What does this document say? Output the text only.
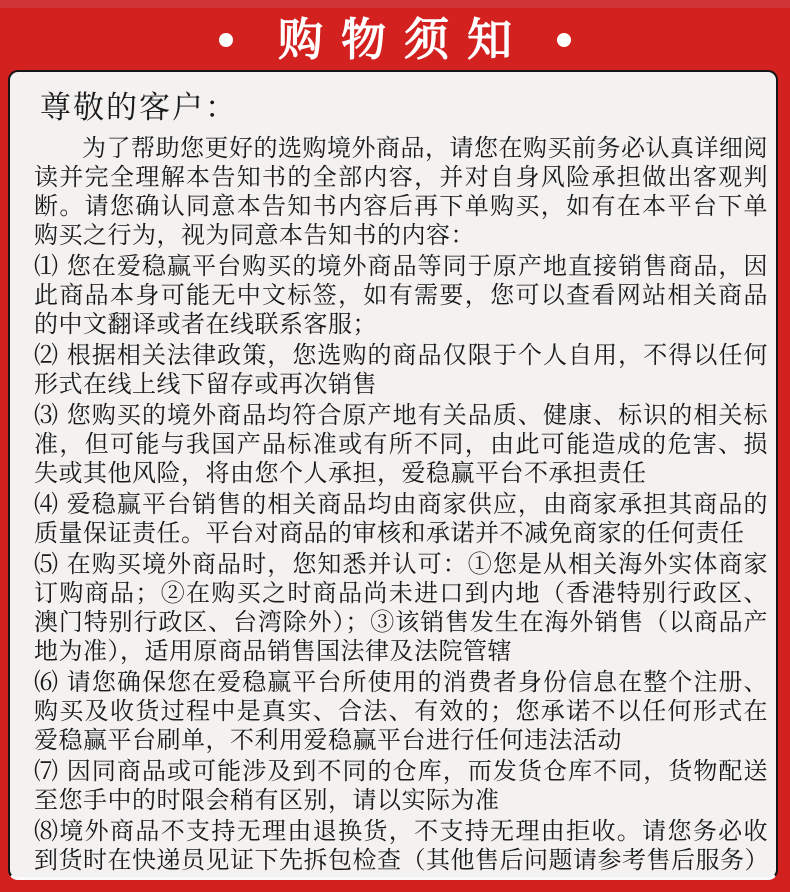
购物须知
尊敬的客户：

为了帮助您更好的选购境外商品，请您在购买前务必认真详细阅读并完全理解本告知书的全部内容，并对自身风险承担做出客观判断。请您确认同意本告知书内容后再下单购买，如有在本平台下单购买之行为，视为同意本告知书的内容：

⑴ 您在爱稳赢平台购买的境外商品等同于原产地直接销售商品，因此商品本身可能无中文标签，如有需要，您可以查看网站相关商品的中文翻译或者在线联系客服；

⑵ 根据相关法律政策，您选购的商品仅限于个人自用，不得以任何形式在线上线下留存或再次销售

⑶ 您购买的境外商品均符合原产地有关品质、健康、标识的相关标准，但可能与我国产品标准或有所不同，由此可能造成的危害、损失或其他风险，将由您个人承担，爱稳赢平台不承担责任

⑷ 爱稳赢平台销售的相关商品均由商家供应，由商家承担其商品的质量保证责任。平台对商品的审核和承诺并不减免商家的任何责任

⑸ 在购买境外商品时，您知悉并认可：①您是从相关海外实体商家订购商品；②在购买之时商品尚未进口到内地（香港特别行政区、澳门特别行政区、台湾除外）；③该销售发生在海外销售（以商品产地为准），适用原商品销售国法律及法院管辖

⑹ 请您确保您在爱稳赢平台所使用的消费者身份信息在整个注册、购买及收货过程中是真实、合法、有效的；您承诺不以任何形式在爱稳赢平台刷单，不利用爱稳赢平台进行任何违法活动

⑺ 因同商品或可能涉及到不同的仓库，而发货仓库不同，货物配送至您手中的时限会稍有区别，请以实际为准

⑻境外商品不支持无理由退换货，不支持无理由拒收。请您务必收到货时在快递员见证下先拆包检查（其他售后问题请参考售后服务）
